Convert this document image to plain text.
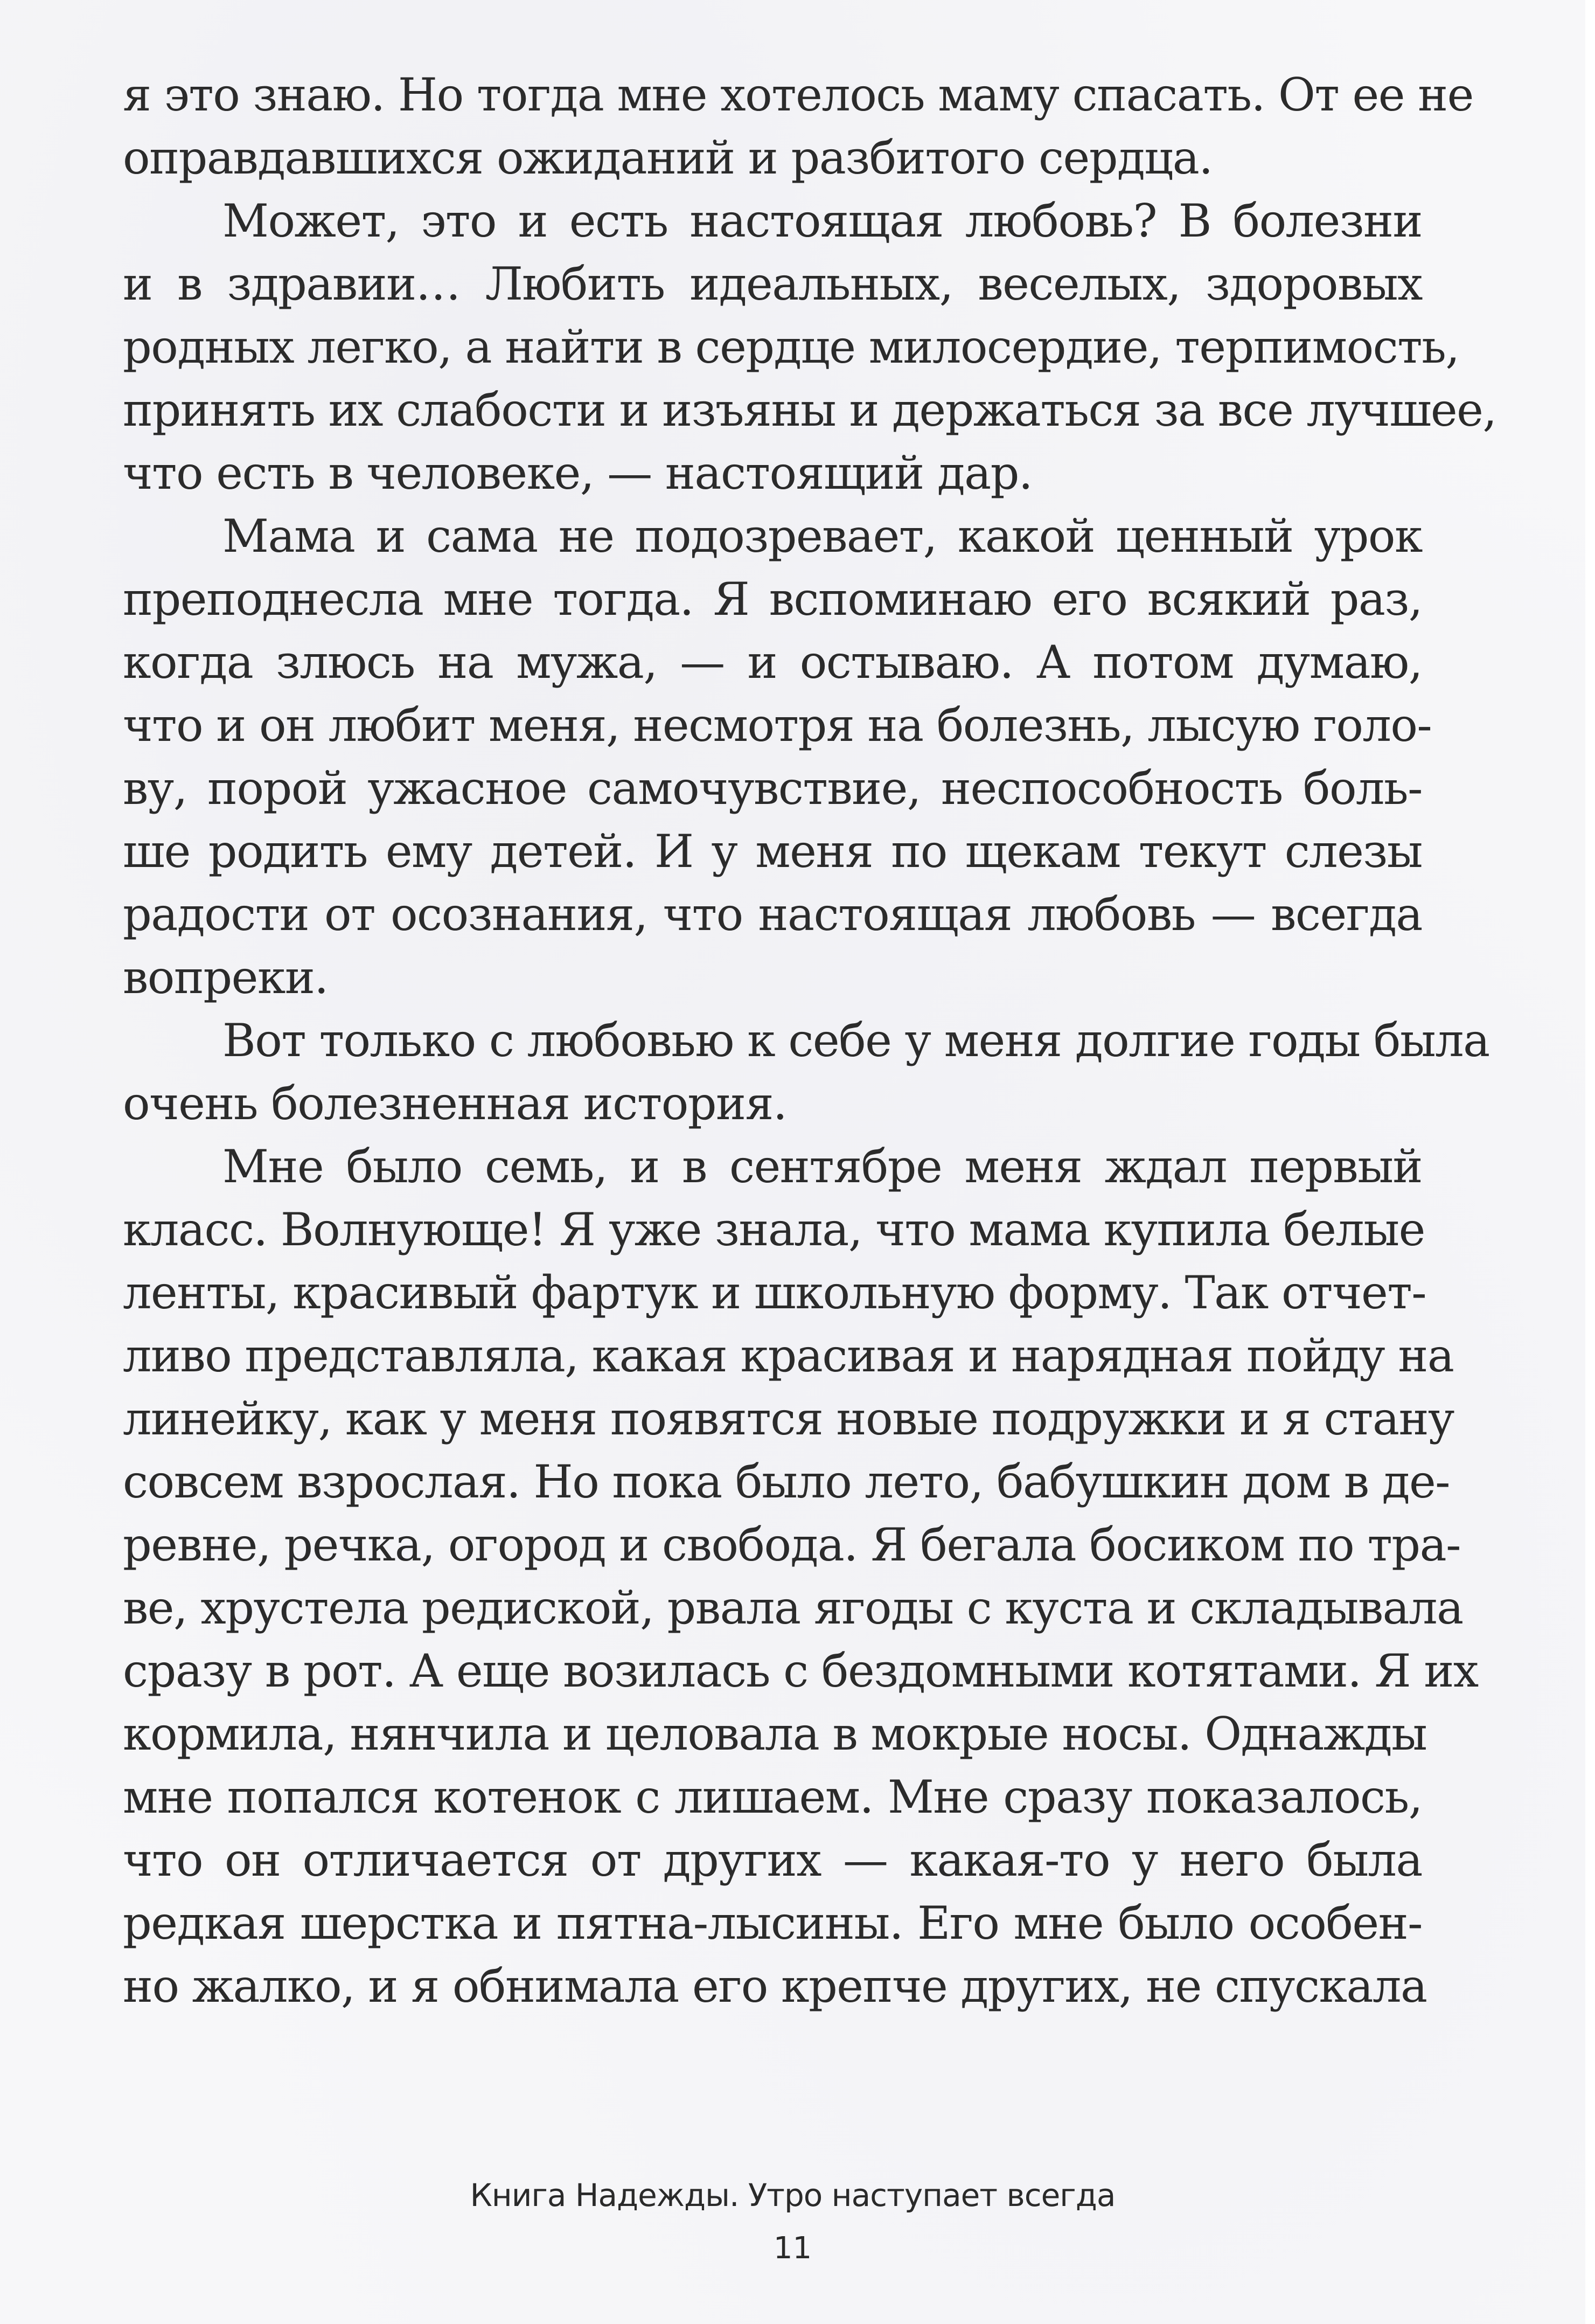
я это знаю. Но тогда мне хотелось маму спасать. От ее не
оправдавшихся ожиданий и разбитого сердца.
Может, это и есть настоящая любовь? В болезни
и в здравии… Любить идеальных, веселых, здоровых
родных легко, а найти в сердце милосердие, терпимость,
принять их слабости и изъяны и держаться за все лучшее,
что есть в человеке, — настоящий дар.
Мама и сама не подозревает, какой ценный урок
преподнесла мне тогда. Я вспоминаю его всякий раз,
когда злюсь на мужа, — и остываю. А потом думаю,
что и он любит меня, несмотря на болезнь, лысую голо-
ву, порой ужасное самочувствие, неспособность боль-
ше родить ему детей. И у меня по щекам текут слезы
радости от осознания, что настоящая любовь — всегда
вопреки.
Вот только с любовью к себе у меня долгие годы была
очень болезненная история.
Мне было семь, и в сентябре меня ждал первый
класс. Волнующе! Я уже знала, что мама купила белые
ленты, красивый фартук и школьную форму. Так отчет-
ливо представляла, какая красивая и нарядная пойду на
линейку, как у меня появятся новые подружки и я стану
совсем взрослая. Но пока было лето, бабушкин дом в де-
ревне, речка, огород и свобода. Я бегала босиком по тра-
ве, хрустела редиской, рвала ягоды с куста и складывала
сразу в рот. А еще возилась с бездомными котятами. Я их
кормила, нянчила и целовала в мокрые носы. Однажды
мне попался котенок с лишаем. Мне сразу показалось,
что он отличается от других — какая-то у него была
редкая шерстка и пятна-лысины. Его мне было особен-
но жалко, и я обнимала его крепче других, не спускала
Книга Надежды. Утро наступает всегда
11
